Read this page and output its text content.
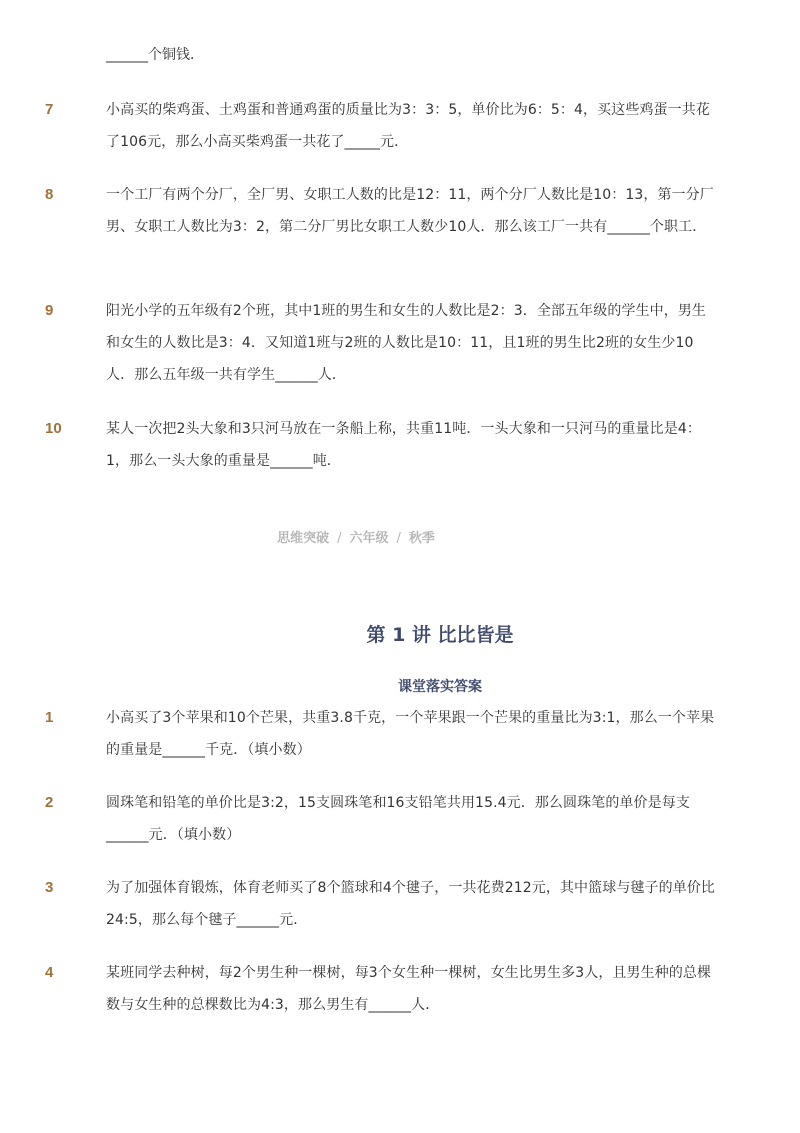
______个铜钱．
7	小高买的柴鸡蛋、土鸡蛋和普通鸡蛋的质量比为3：3：5，单价比为6：5：4，买这些鸡蛋一共花了106元，那么小高买柴鸡蛋一共花了_____元．
8	一个工厂有两个分厂，全厂男、女职工人数的比是12：11，两个分厂人数比是10：13，第一分厂男、女职工人数比为3：2，第二分厂男比女职工人数少10人．那么该工厂一共有______个职工．
9	阳光小学的五年级有2个班，其中1班的男生和女生的人数比是2：3．全部五年级的学生中，男生和女生的人数比是3：4．又知道1班与2班的人数比是10：11，且1班的男生比2班的女生少10人．那么五年级一共有学生______人．
10	某人一次把2头大象和3只河马放在一条船上称，共重11吨．一头大象和一只河马的重量比是4：1，那么一头大象的重量是______吨．
思维突破 / 六年级 / 秋季
第 1 讲 比比皆是
课堂落实答案
1	小高买了3个苹果和10个芒果，共重3.8千克，一个苹果跟一个芒果的重量比为3:1，那么一个苹果的重量是______千克．（填小数）
2	圆珠笔和铅笔的单价比是3:2，15支圆珠笔和16支铅笔共用15.4元．那么圆珠笔的单价是每支______元．（填小数）
3	为了加强体育锻炼，体育老师买了8个篮球和4个毽子，一共花费212元，其中篮球与毽子的单价比24:5，那么每个毽子______元．
4	某班同学去种树，每2个男生种一棵树，每3个女生种一棵树，女生比男生多3人，且男生种的总棵数与女生种的总棵数比为4:3，那么男生有______人．
